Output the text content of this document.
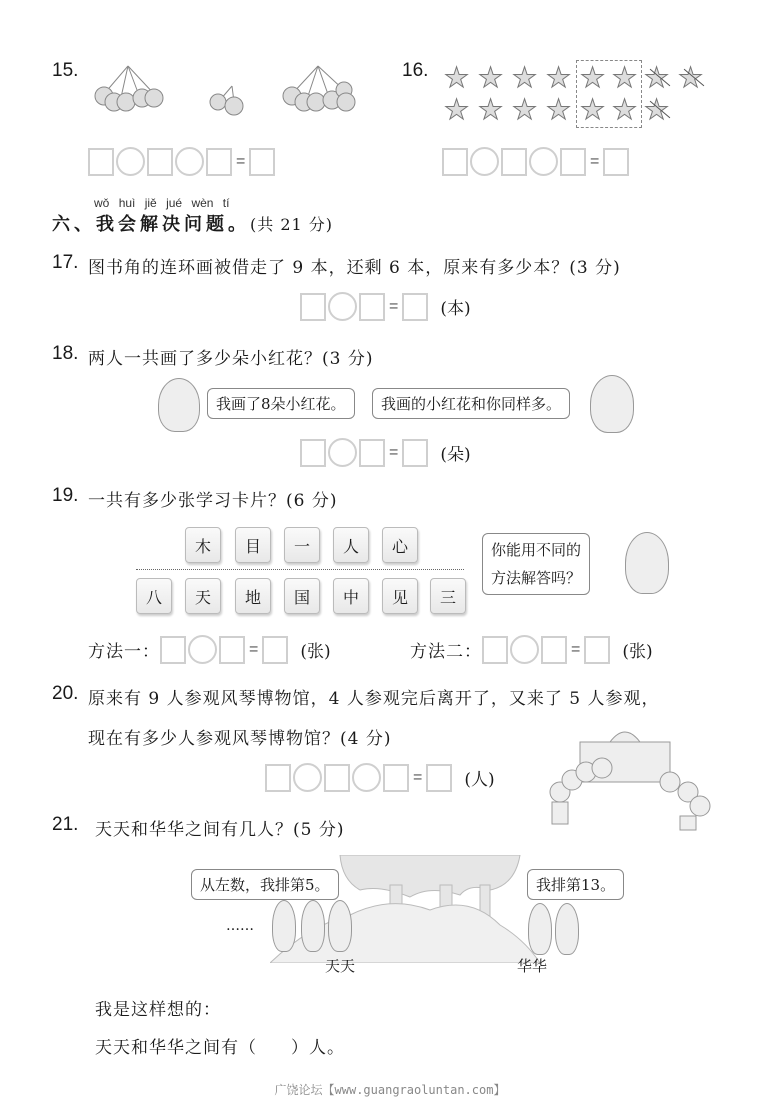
15.
=
16. ★ ★ ★ ★ ★ ★ ★ ★
★ ★ ★ ★ ★ ★ ★
=
wǒ huì jiě jué wèn tí
六、我会解决问题。(共 21 分)
17. 图书角的连环画被借走了 9 本，还剩 6 本，原来有多少本？(3 分)
= (本)
18. 两人一共画了多少朵小红花？(3 分)
我画了8朵小红花。	我画的小红花和你同样多。
= (朵)
19. 一共有多少张学习卡片？(6 分)
木	目	一	人	心
八	天	地	国	中	见	三
你能用不同的
方法解答吗？
方法一：	= (张)	方法二：	= (张)
20. 原来有 9 人参观风琴博物馆，4 人参观完后离开了，又来了 5 人参观，
现在有多少人参观风琴博物馆？(4 分)
= (人)
21. 天天和华华之间有几人？(5 分)
从左数，我排第5。	我排第13。
……
天天	华华
我是这样想的：
天天和华华之间有（ ）人。
广饶论坛【www.guangraoluntan.com】
